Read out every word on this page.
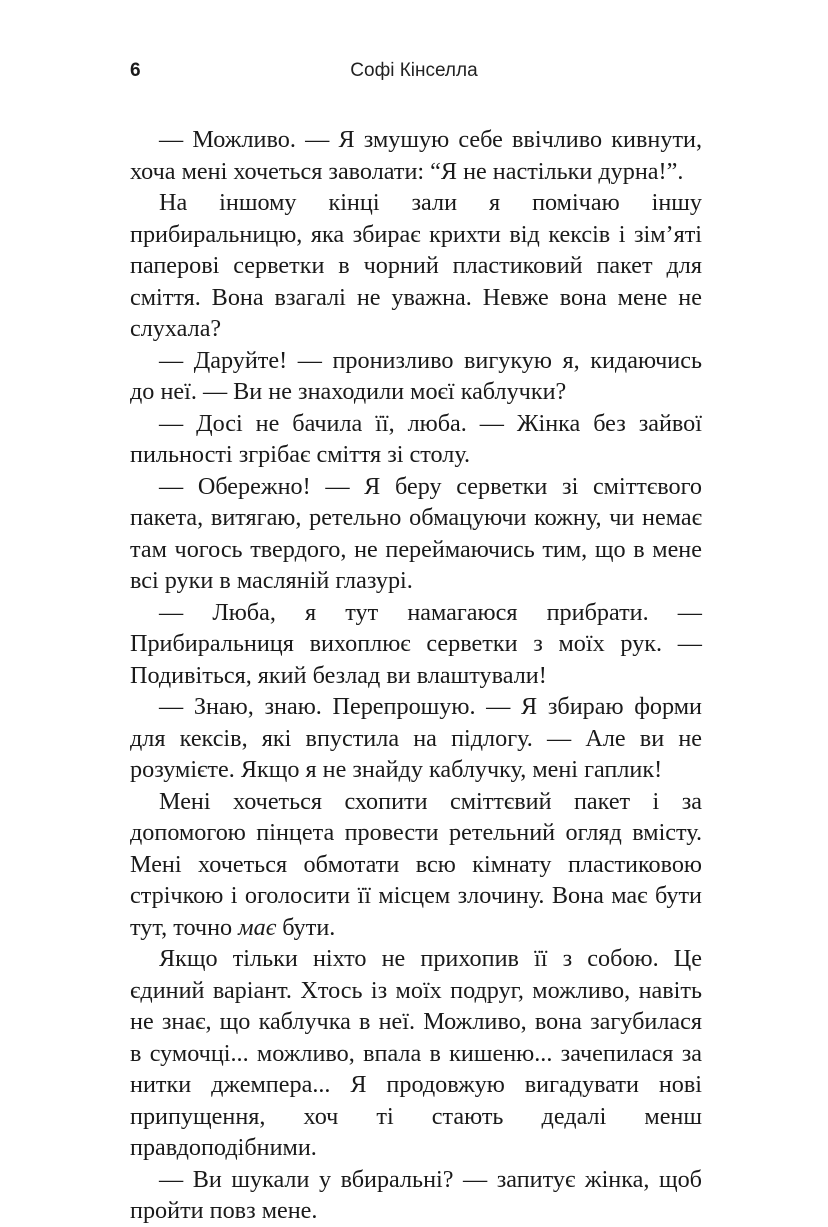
6	Софі Кінселла

— Можливо. — Я змушую себе ввічливо кивнути, хоча мені хочеться заволати: “Я не настільки дурна!”.

На іншому кінці зали я помічаю іншу прибиральницю, яка збирає крихти від кексів і зім’яті паперові серветки в чорний пластиковий пакет для сміття. Вона взагалі не уважна. Невже вона мене не слухала?

— Даруйте! — пронизливо вигукую я, кидаючись до неї. — Ви не знаходили моєї каблучки?

— Досі не бачила її, люба. — Жінка без зайвої пильності згрібає сміття зі столу.

— Обережно! — Я беру серветки зі сміттєвого пакета, витягаю, ретельно обмацуючи кожну, чи немає там чогось твердого, не переймаючись тим, що в мене всі руки в масляній глазурі.

— Люба, я тут намагаюся прибрати. — Прибиральниця вихоплює серветки з моїх рук. — Подивіться, який безлад ви влаштували!

— Знаю, знаю. Перепрошую. — Я збираю форми для кексів, які впустила на підлогу. — Але ви не розумієте. Якщо я не знайду каблучку, мені гаплик!

Мені хочеться схопити сміттєвий пакет і за допомогою пінцета провести ретельний огляд вмісту. Мені хочеться обмотати всю кімнату пластиковою стрічкою і оголосити її місцем злочину. Вона має бути тут, точно має бути.

Якщо тільки ніхто не прихопив її з собою. Це єдиний варіант. Хтось із моїх подруг, можливо, навіть не знає, що каблучка в неї. Можливо, вона загубилася в сумочці... можливо, впала в кишеню... зачепилася за нитки джемпера... Я продовжую вигадувати нові припущення, хоч ті стають дедалі менш правдоподібними.

— Ви шукали у вбиральні? — запитує жінка, щоб пройти повз мене.
